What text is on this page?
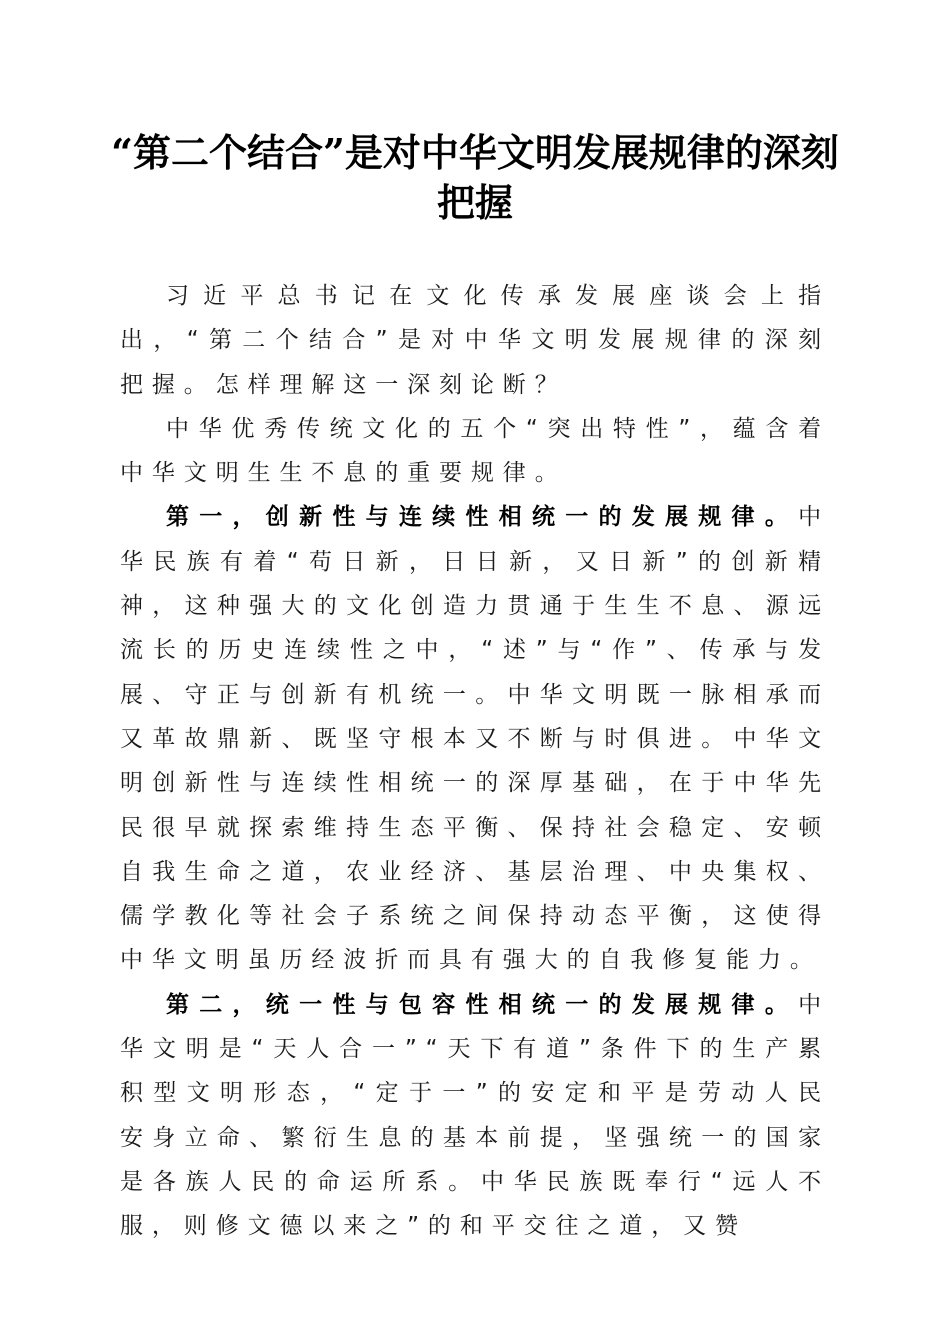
“第二个结合”是对中华文明发展规律的深刻
把握

习近平总书记在文化传承发展座谈会上指出，“第二个结合”是对中华文明发展规律的深刻把握。怎样理解这一深刻论断？

中华优秀传统文化的五个“突出特性”，蕴含着中华文明生生不息的重要规律。

第一，创新性与连续性相统一的发展规律。中华民族有着“苟日新，日日新，又日新”的创新精神，这种强大的文化创造力贯通于生生不息、源远流长的历史连续性之中，“述”与“作”、传承与发展、守正与创新有机统一。中华文明既一脉相承而又革故鼎新、既坚守根本又不断与时俱进。中华文明创新性与连续性相统一的深厚基础，在于中华先民很早就探索维持生态平衡、保持社会稳定、安顿自我生命之道，农业经济、基层治理、中央集权、儒学教化等社会子系统之间保持动态平衡，这使得中华文明虽历经波折而具有强大的自我修复能力。

第二，统一性与包容性相统一的发展规律。中华文明是“天人合一”“天下有道”条件下的生产累积型文明形态，“定于一”的安定和平是劳动人民安身立命、繁衍生息的基本前提，坚强统一的国家是各族人民的命运所系。中华民族既奉行“远人不服，则修文德以来之”的和平交往之道，又赞
